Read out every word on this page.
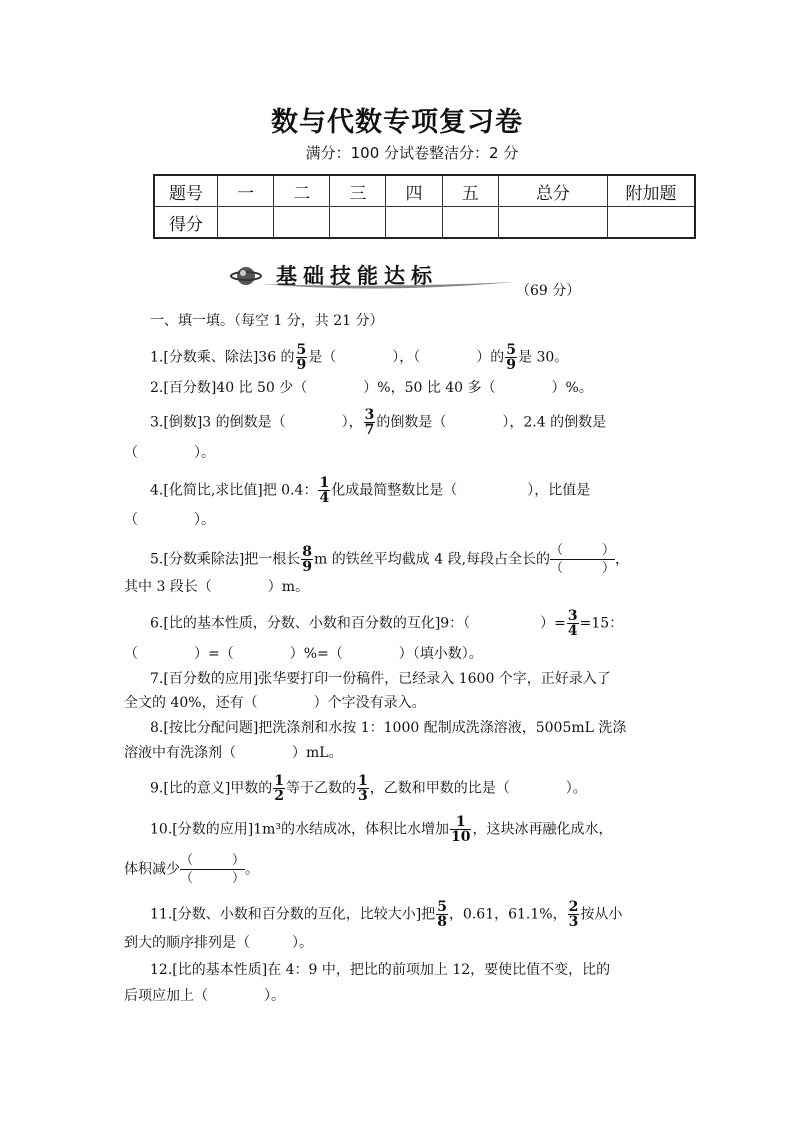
数与代数专项复习卷
满分：100 分试卷整洁分：2 分
题号	一	二	三	四	五	总分	附加题
得分							
基础技能达标
（69 分）
一、填一填。（每空 1 分，共 21 分）
1.[分数乘、除法]36 的 $\frac{5}{9}$ 是（　　　　），（　　　　）的 $\frac{5}{9}$ 是 30。
2.[百分数]40 比 50 少（　　　　）%，50 比 40 多（　　　　）%。
3.[倒数]3 的倒数是（　　　　）， $\frac{3}{7}$ 的倒数是（　　　　），2.4 的倒数是
（　　　　）。
4.[化简比,求比值]把 0.4： $\frac{1}{4}$ 化成最简整数比是（　　　　　），比值是
（　　　　）。
5.[分数乘除法]把一根长 $\frac{8}{9}$ m 的铁丝平均截成 4 段,每段占全长的 $\frac{( )}{( )}$ ，
其中 3 段长（　　　　）m。
6.[比的基本性质，分数、小数和百分数的互化]9：（　　　　　）= $\frac{3}{4} =15$：
（　　　　）=（　　　　）%=（　　　　）（填小数）。
7.[百分数的应用]张华要打印一份稿件，已经录入 1600 个字，正好录入了
全文的 40%，还有（　　　　）个字没有录入。
8.[按比分配问题]把洗涤剂和水按 1：1000 配制成洗涤溶液，5005mL 洗涤
溶液中有洗涤剂（　　　　）mL。
9.[比的意义]甲数的 $\frac{1}{2}$ 等于乙数的 $\frac{1}{3}$ ，乙数和甲数的比是（　　　　）。
10.[分数的应用]1m³的水结成冰，体积比水增加 $\frac{1}{10}$ ，这块冰再融化成水，
体积减少 $\frac{( )}{( )}$ 。
11.[分数、小数和百分数的互化，比较大小]把 $\frac{5}{8}$ ，0.61，61.1%， $\frac{2}{3}$ 按从小
到大的顺序排列是（　　　）。
12.[比的基本性质]在 4：9 中，把比的前项加上 12，要使比值不变，比的
后项应加上（　　　　）。
